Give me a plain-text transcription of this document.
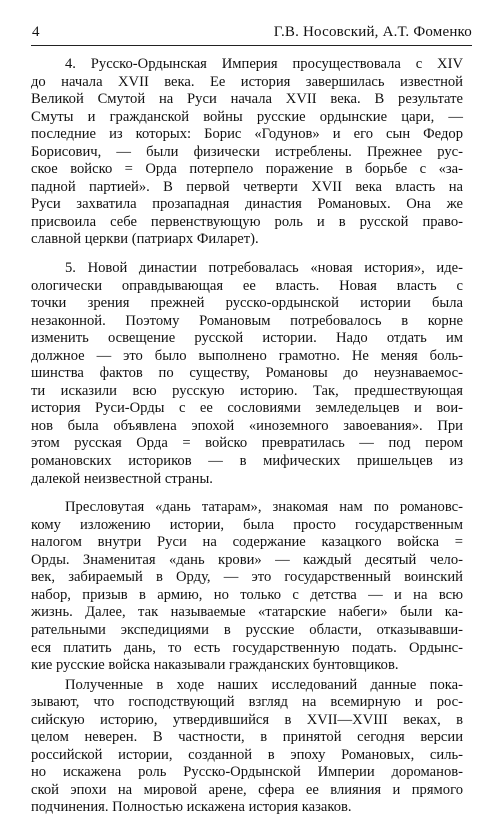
4	Г.В. Носовский, А.Т. Фоменко
4. Русско-Ордынская Империя просуществовала с XIV
до начала XVII века. Ее история завершилась известной
Великой Смутой на Руси начала XVII века. В результате
Смуты и гражданской войны русские ордынские цари, —
последние из которых: Борис «Годунов» и его сын Федор
Борисович, — были физически истреблены. Прежнее рус-
ское войско = Орда потерпело поражение в борьбе с «за-
падной партией». В первой четверти XVII века власть на
Руси захватила прозападная династия Романовых. Она же
присвоила себе первенствующую роль и в русской право-
славной церкви (патриарх Филарет).
5. Новой династии потребовалась «новая история», иде-
ологически оправдывающая ее власть. Новая власть с
точки зрения прежней русско-ордынской истории была
незаконной. Поэтому Романовым потребовалось в корне
изменить освещение русской истории. Надо отдать им
должное — это было выполнено грамотно. Не меняя боль-
шинства фактов по существу, Романовы до неузнаваемос-
ти исказили всю русскую историю. Так, предшествующая
история Руси-Орды с ее сословиями земледельцев и вои-
нов была объявлена эпохой «иноземного завоевания». При
этом русская Орда = войско превратилась — под пером
романовских историков — в мифических пришельцев из
далекой неизвестной страны.
Пресловутая «дань татарам», знакомая нам по романовс-
кому изложению истории, была просто государственным
налогом внутри Руси на содержание казацкого войска =
Орды. Знаменитая «дань крови» — каждый десятый чело-
век, забираемый в Орду, — это государственный воинский
набор, призыв в армию, но только с детства — и на всю
жизнь. Далее, так называемые «татарские набеги» были ка-
рательными экспедициями в русские области, отказывавши-
еся платить дань, то есть государственную подать. Ордынс-
кие русские войска наказывали гражданских бунтовщиков.
Полученные в ходе наших исследований данные пока-
зывают, что господствующий взгляд на всемирную и рос-
сийскую историю, утвердившийся в XVII—XVIII веках, в
целом неверен. В частности, в принятой сегодня версии
российской истории, созданной в эпоху Романовых, силь-
но искажена роль Русско-Ордынской Империи дороманов-
ской эпохи на мировой арене, сфера ее влияния и прямого
подчинения. Полностью искажена история казаков.
